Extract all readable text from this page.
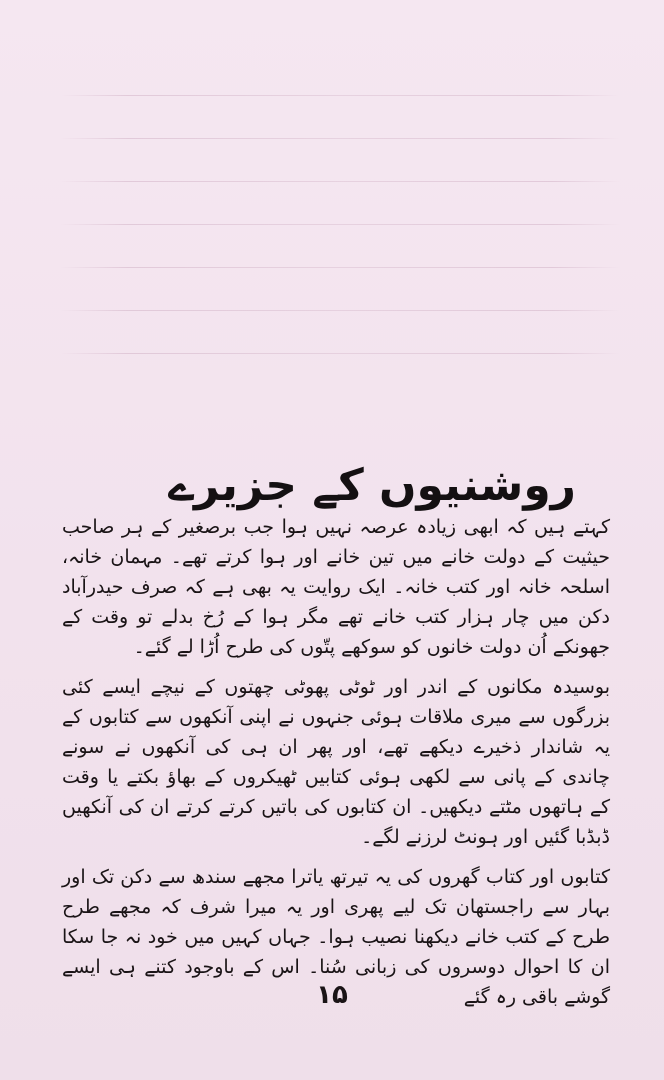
روشنیوں کے جزیرے

کہتے ہیں کہ ابھی زیادہ عرصہ نہیں ہوا جب برصغیر کے ہر صاحب حیثیت کے دولت خانے میں تین خانے اور ہوا کرتے تھے۔ مہمان خانہ، اسلحہ خانہ اور کتب خانہ۔ ایک روایت یہ بھی ہے کہ صرف حیدرآباد دکن میں چار ہزار کتب خانے تھے مگر ہوا کے رُخ بدلے تو وقت کے جھونکے اُن دولت خانوں کو سوکھے پتّوں کی طرح اُڑا لے گئے۔

بوسیدہ مکانوں کے اندر اور ٹوٹی پھوٹی چھتوں کے نیچے ایسے کئی بزرگوں سے میری ملاقات ہوئی جنہوں نے اپنی آنکھوں سے کتابوں کے یہ شاندار ذخیرے دیکھے تھے، اور پھر ان ہی کی آنکھوں نے سونے چاندی کے پانی سے لکھی ہوئی کتابیں ٹھیکروں کے بھاؤ بکتے یا وقت کے ہاتھوں مٹتے دیکھیں۔ ان کتابوں کی باتیں کرتے کرتے ان کی آنکھیں ڈبڈبا گئیں اور ہونٹ لرزنے لگے۔

کتابوں اور کتاب گھروں کی یہ تیرتھ یاترا مجھے سندھ سے دکن تک اور بہار سے راجستھان تک لیے پھری اور یہ میرا شرف کہ مجھے طرح طرح کے کتب خانے دیکھنا نصیب ہوا۔ جہاں کہیں میں خود نہ جا سکا ان کا احوال دوسروں کی زبانی سُنا۔ اس کے باوجود کتنے ہی ایسے گوشے باقی رہ گئے

۱۵
